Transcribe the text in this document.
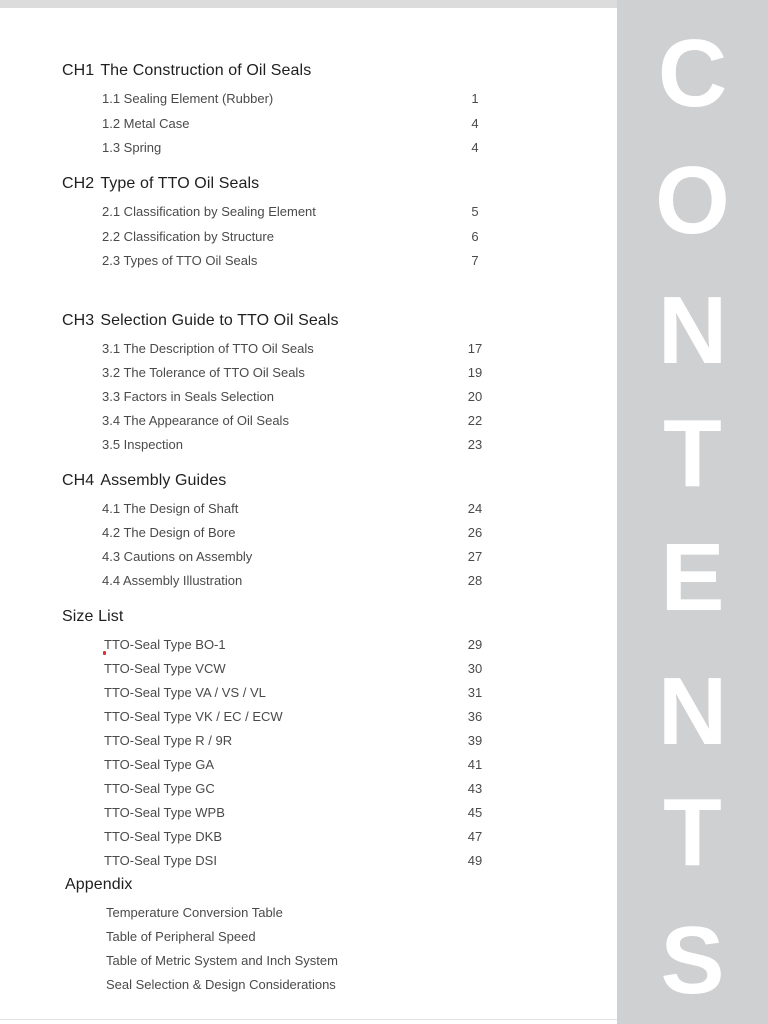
C
O
N
T
E
N
T
S
CH1 The Construction of Oil Seals
1.1 Sealing Element (Rubber)	1
1.2 Metal Case	4
1.3 Spring	4
CH2 Type of TTO Oil Seals
2.1 Classification by Sealing Element	5
2.2 Classification by Structure	6
2.3 Types of TTO Oil Seals	7
CH3 Selection Guide to TTO Oil Seals
3.1 The Description of TTO Oil Seals	17
3.2 The Tolerance of TTO Oil Seals	19
3.3 Factors in Seals Selection	20
3.4 The Appearance of Oil Seals	22
3.5 Inspection	23
CH4 Assembly Guides
4.1 The Design of Shaft	24
4.2 The Design of Bore	26
4.3 Cautions on Assembly	27
4.4 Assembly Illustration	28
Size List
TTO-Seal Type BO-1	29
TTO-Seal Type VCW	30
TTO-Seal Type VA / VS / VL	31
TTO-Seal Type VK / EC / ECW	36
TTO-Seal Type R / 9R	39
TTO-Seal Type GA	41
TTO-Seal Type GC	43
TTO-Seal Type WPB	45
TTO-Seal Type DKB	47
TTO-Seal Type DSI	49
Appendix
Temperature Conversion Table
Table of Peripheral Speed
Table of Metric System and Inch System
Seal Selection & Design Considerations
